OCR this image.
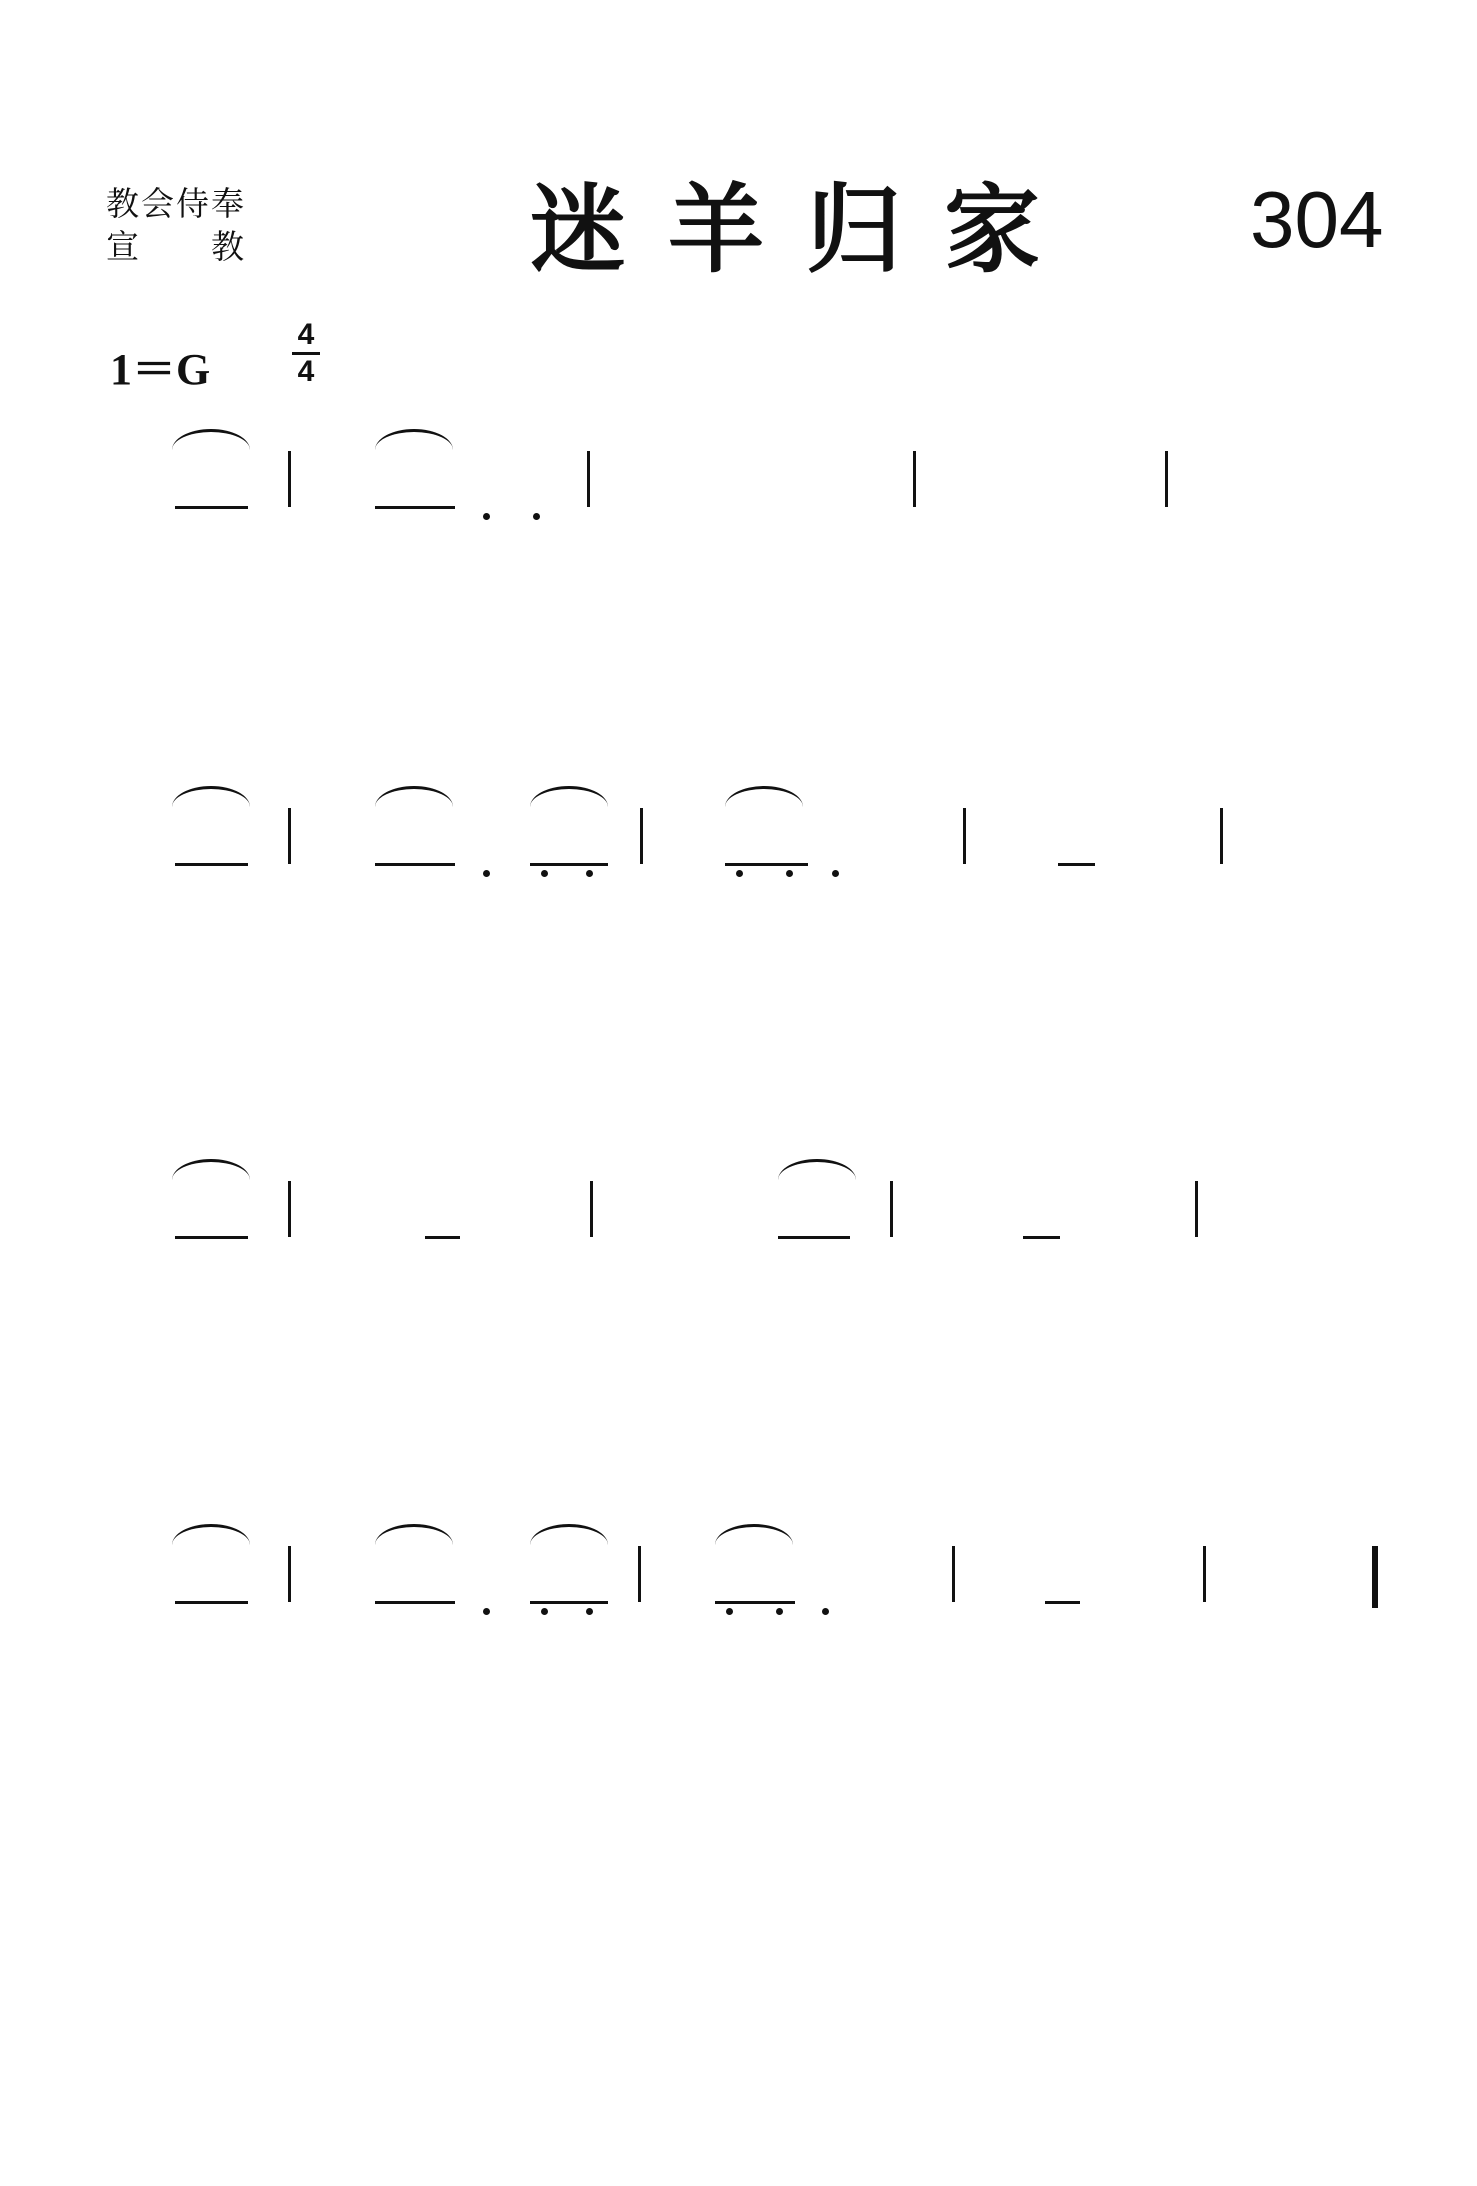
教会侍奉
宣　　教	迷羊归家 304
1＝G
4
4
